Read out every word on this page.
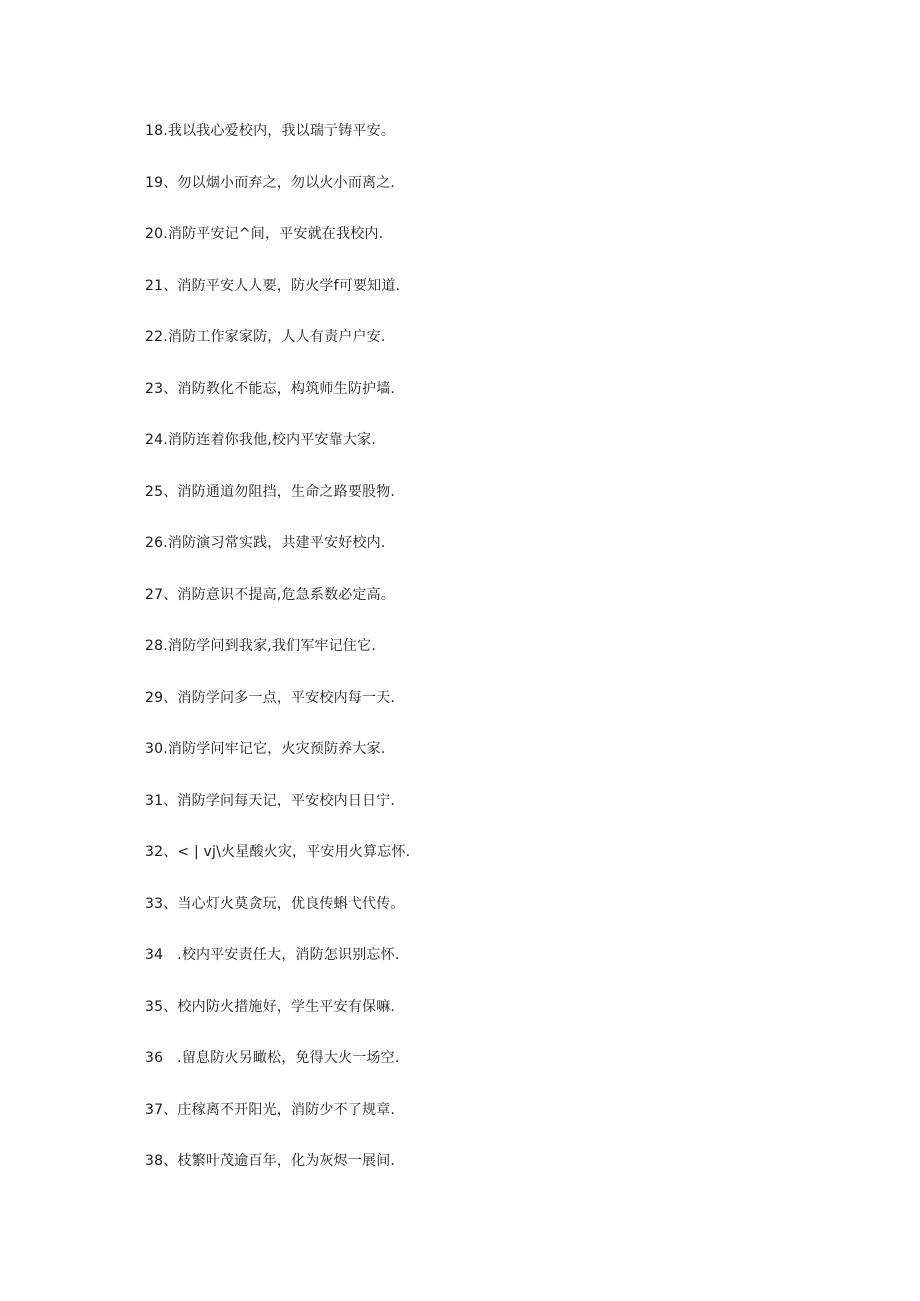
18.我以我心爱校内，我以瑞亍铸平安。
19、勿以烟小而弃之，勿以火小而离之.
20.消防平安记^间，平安就在我校内.
21、消防平安人人要，防火学f可要知道.
22.消防工作家家防，人人有责户户安.
23、消防教化不能忘，构筑师生防护墙.
24.消防连着你我他,校内平安靠大家.
25、消防通道勿阻挡，生命之路要股物.
26.消防演习常实践，共建平安好校内.
27、消防意识不提高,危急系数必定高。
28.消防学问到我家,我们军牢记住它.
29、消防学问多一点，平安校内每一天.
30.消防学问牢记它，火灾预防养大家.
31、消防学问每天记，平安校内日日宁.
32、< | vj\火星酸火灾，平安用火算忘怀.
33、当心灯火莫贪玩，优良传蝌弋代传。
34   .校内平安责任大，消防怎识别忘怀.
35、校内防火措施好，学生平安有保嘛.
36   .留息防火另瞰松，免得大火一场空.
37、庄稼离不开阳光，消防少不了规章.
38、枝繁叶茂逾百年，化为灰烬一展间.
